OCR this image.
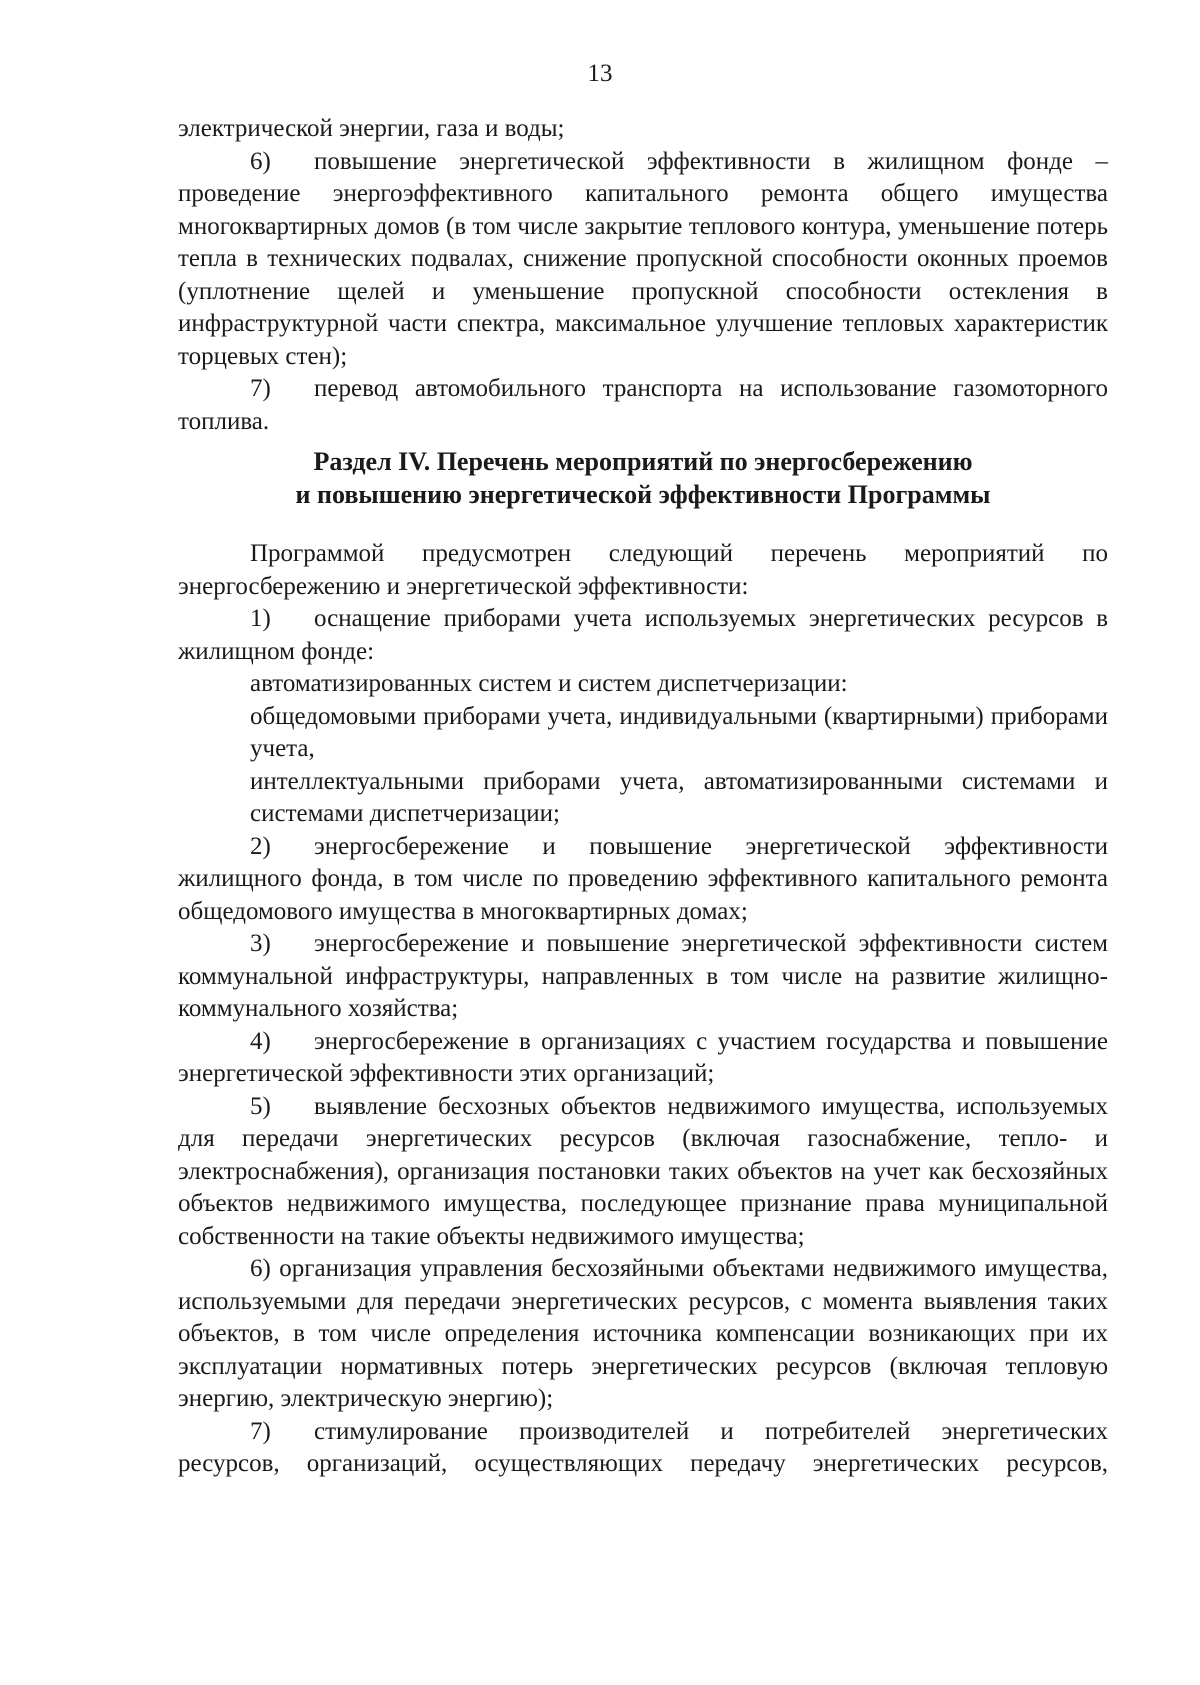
13

электрической энергии, газа и воды;

6) повышение энергетической эффективности в жилищном фонде – проведение энергоэффективного капитального ремонта общего имущества многоквартирных домов (в том числе закрытие теплового контура, уменьшение потерь тепла в технических подвалах, снижение пропускной способности оконных проемов (уплотнение щелей и уменьшение пропускной способности остекления в инфраструктурной части спектра, максимальное улучшение тепловых характеристик торцевых стен);

7) перевод автомобильного транспорта на использование газомоторного топлива.

Раздел IV. Перечень мероприятий по энергосбережению
и повышению энергетической эффективности Программы

Программой предусмотрен следующий перечень мероприятий по энергосбережению и энергетической эффективности:

1) оснащение приборами учета используемых энергетических ресурсов в жилищном фонде:

автоматизированных систем и систем диспетчеризации:

общедомовыми приборами учета, индивидуальными (квартирными) приборами учета,

интеллектуальными приборами учета, автоматизированными системами и системами диспетчеризации;

2) энергосбережение и повышение энергетической эффективности жилищного фонда, в том числе по проведению эффективного капитального ремонта общедомового имущества в многоквартирных домах;

3) энергосбережение и повышение энергетической эффективности систем коммунальной инфраструктуры, направленных в том числе на развитие жилищно-коммунального хозяйства;

4) энергосбережение в организациях с участием государства и повышение энергетической эффективности этих организаций;

5) выявление бесхозных объектов недвижимого имущества, используемых для передачи энергетических ресурсов (включая газоснабжение, тепло- и электроснабжения), организация постановки таких объектов на учет как бесхозяйных объектов недвижимого имущества, последующее признание права муниципальной собственности на такие объекты недвижимого имущества;

6) организация управления бесхозяйными объектами недвижимого имущества, используемыми для передачи энергетических ресурсов, с момента выявления таких объектов, в том числе определения источника компенсации возникающих при их эксплуатации нормативных потерь энергетических ресурсов (включая тепловую энергию, электрическую энергию);

7) стимулирование производителей и потребителей энергетических ресурсов, организаций, осуществляющих передачу энергетических ресурсов,
